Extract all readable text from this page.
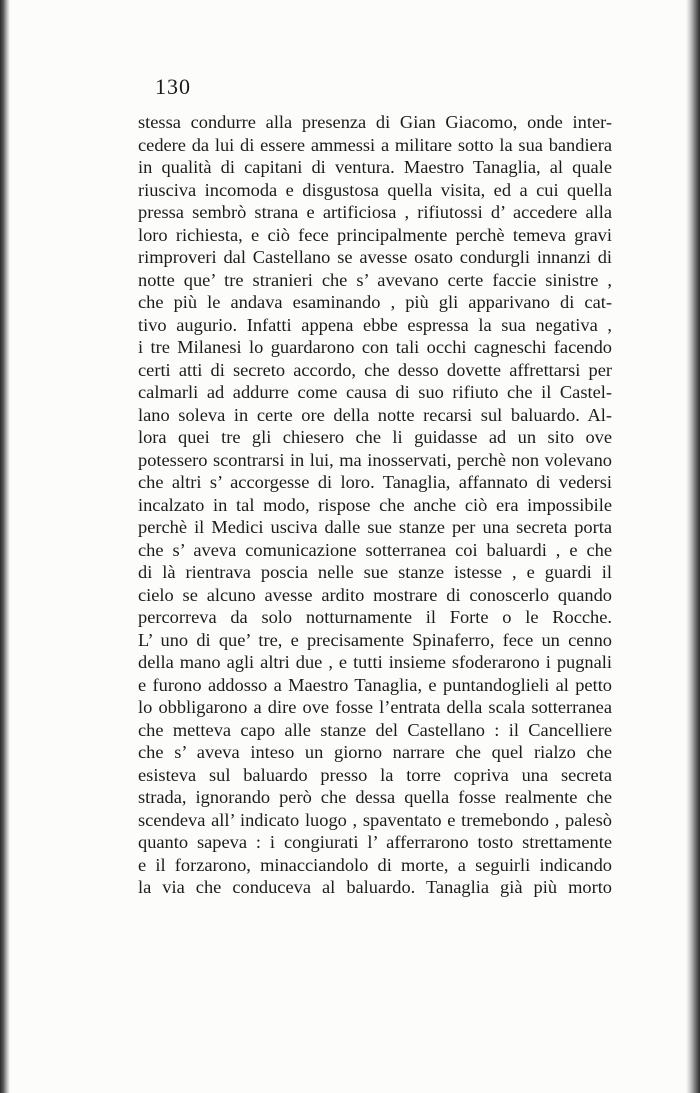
130
stessa condurre alla presenza di Gian Giacomo, onde inter-
cedere da lui di essere ammessi a militare sotto la sua bandiera
in qualità di capitani di ventura. Maestro Tanaglia, al quale
riusciva incomoda e disgustosa quella visita, ed a cui quella
pressa sembrò strana e artificiosa , rifiutossi d’ accedere alla
loro richiesta, e ciò fece principalmente perchè temeva gravi
rimproveri dal Castellano se avesse osato condurgli innanzi di
notte que’ tre stranieri che s’ avevano certe faccie sinistre ,
che più le andava esaminando , più gli apparivano di cat-
tivo augurio. Infatti appena ebbe espressa la sua negativa ,
i tre Milanesi lo guardarono con tali occhi cagneschi facendo
certi atti di secreto accordo, che desso dovette affrettarsi per
calmarli ad addurre come causa di suo rifiuto che il Castel-
lano soleva in certe ore della notte recarsi sul baluardo. Al-
lora quei tre gli chiesero che li guidasse ad un sito ove
potessero scontrarsi in lui, ma inosservati, perchè non volevano
che altri s’ accorgesse di loro. Tanaglia, affannato di vedersi
incalzato in tal modo, rispose che anche ciò era impossibile
perchè il Medici usciva dalle sue stanze per una secreta porta
che s’ aveva comunicazione sotterranea coi baluardi , e che
di là rientrava poscia nelle sue stanze istesse , e guardi il
cielo se alcuno avesse ardito mostrare di conoscerlo quando
percorreva da solo notturnamente il Forte o le Rocche.
L’ uno di que’ tre, e precisamente Spinaferro, fece un cenno
della mano agli altri due , e tutti insieme sfoderarono i pugnali
e furono addosso a Maestro Tanaglia, e puntandoglieli al petto
lo obbligarono a dire ove fosse l’entrata della scala sotterranea
che metteva capo alle stanze del Castellano : il Cancelliere
che s’ aveva inteso un giorno narrare che quel rialzo che
esisteva sul baluardo presso la torre copriva una secreta
strada, ignorando però che dessa quella fosse realmente che
scendeva all’ indicato luogo , spaventato e tremebondo , palesò
quanto sapeva : i congiurati l’ afferrarono tosto strettamente
e il forzarono, minacciandolo di morte, a seguirli indicando
la via che conduceva al baluardo. Tanaglia già più morto
